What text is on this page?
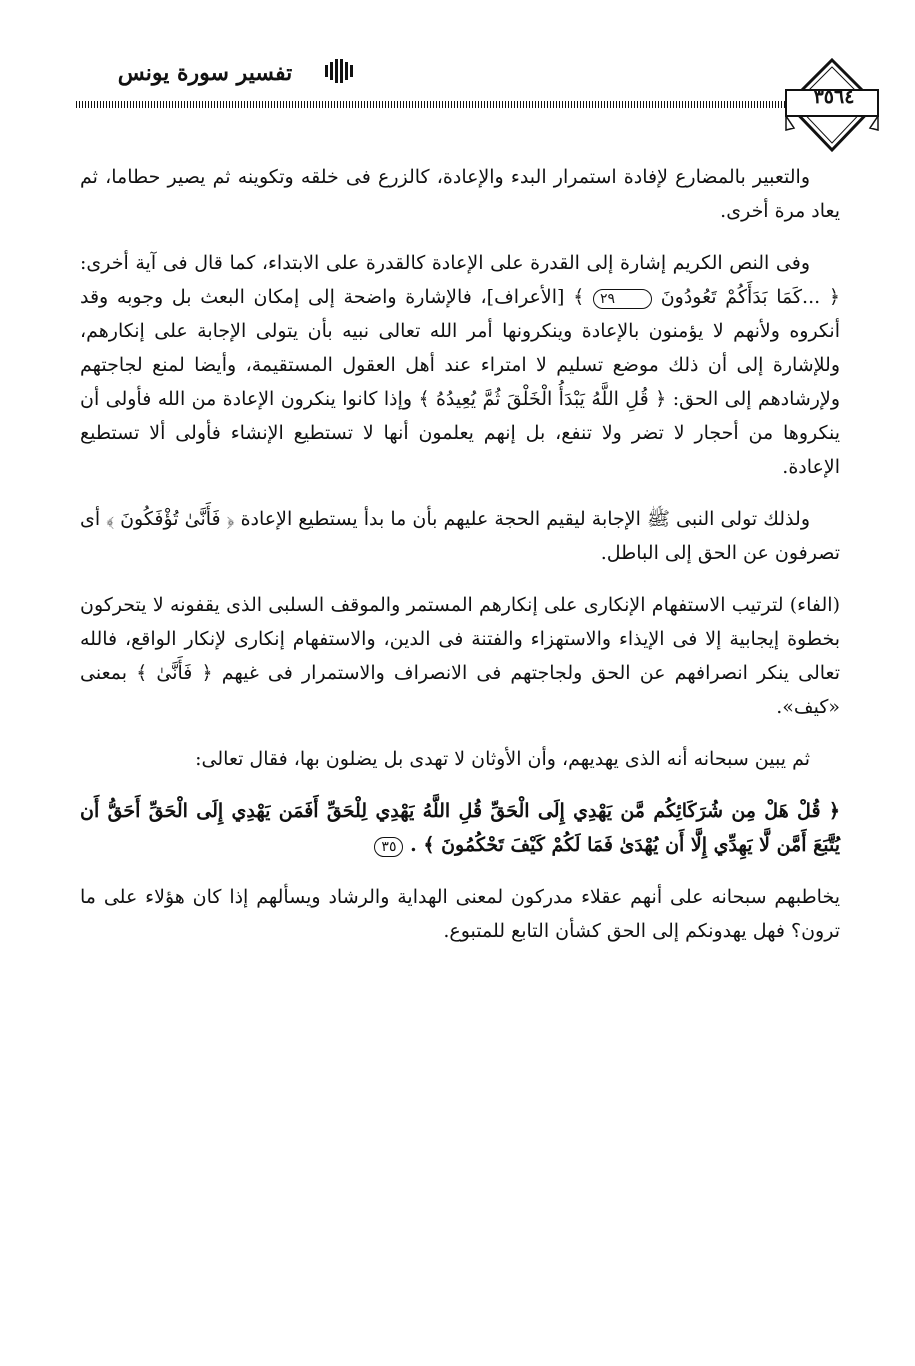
تفسير سورة يونس
٣٥٦٤

والتعبير بالمضارع لإفادة استمرار البدء والإعادة، كالزرع فى خلقه وتكوينه ثم يصير حطاما، ثم يعاد مرة أخرى.

وفى النص الكريم إشارة إلى القدرة على الإعادة كالقدرة على الابتداء، كما قال فى آية أخرى: ﴿ ...كَمَا بَدَأَكُمْ تَعُودُونَ ٢٩ ﴾ [الأعراف]، فالإشارة واضحة إلى إمكان البعث بل وجوبه وقد أنكروه ولأنهم لا يؤمنون بالإعادة وينكرونها أمر الله تعالى نبيه بأن يتولى الإجابة على إنكارهم، وللإشارة إلى أن ذلك موضع تسليم لا امتراء عند أهل العقول المستقيمة، وأيضا لمنع لجاجتهم ولإرشادهم إلى الحق: ﴿ قُلِ اللَّهُ يَبْدَأُ الْخَلْقَ ثُمَّ يُعِيدُهُ ﴾ وإذا كانوا ينكرون الإعادة من الله فأولى أن ينكروها من أحجار لا تضر ولا تنفع، بل إنهم يعلمون أنها لا تستطيع الإنشاء فأولى ألا تستطيع الإعادة.

ولذلك تولى النبى ﷺ الإجابة ليقيم الحجة عليهم بأن ما بدأ يستطيع الإعادة ﴿ فَأَنَّىٰ تُؤْفَكُونَ ﴾ أى تصرفون عن الحق إلى الباطل.

(الفاء) لترتيب الاستفهام الإنكارى على إنكارهم المستمر والموقف السلبى الذى يقفونه لا يتحركون بخطوة إيجابية إلا فى الإيذاء والاستهزاء والفتنة فى الدين، والاستفهام إنكارى لإنكار الواقع، فالله تعالى ينكر انصرافهم عن الحق ولجاجتهم فى الانصراف والاستمرار فى غيهم ﴿ فَأَنَّىٰ ﴾ بمعنى «كيف».

ثم يبين سبحانه أنه الذى يهديهم، وأن الأوثان لا تهدى بل يضلون بها، فقال تعالى:

﴿ قُلْ هَلْ مِن شُرَكَائِكُم مَّن يَهْدِي إِلَى الْحَقِّ قُلِ اللَّهُ يَهْدِي لِلْحَقِّ أَفَمَن يَهْدِي إِلَى الْحَقِّ أَحَقُّ أَن يُتَّبَعَ أَمَّن لَّا يَهِدِّي إِلَّا أَن يُهْدَىٰ فَمَا لَكُمْ كَيْفَ تَحْكُمُونَ ﴾ . ٣٥

يخاطبهم سبحانه على أنهم عقلاء مدركون لمعنى الهداية والرشاد ويسألهم إذا كان هؤلاء على ما ترون؟ فهل يهدونكم إلى الحق كشأن التابع للمتبوع.
